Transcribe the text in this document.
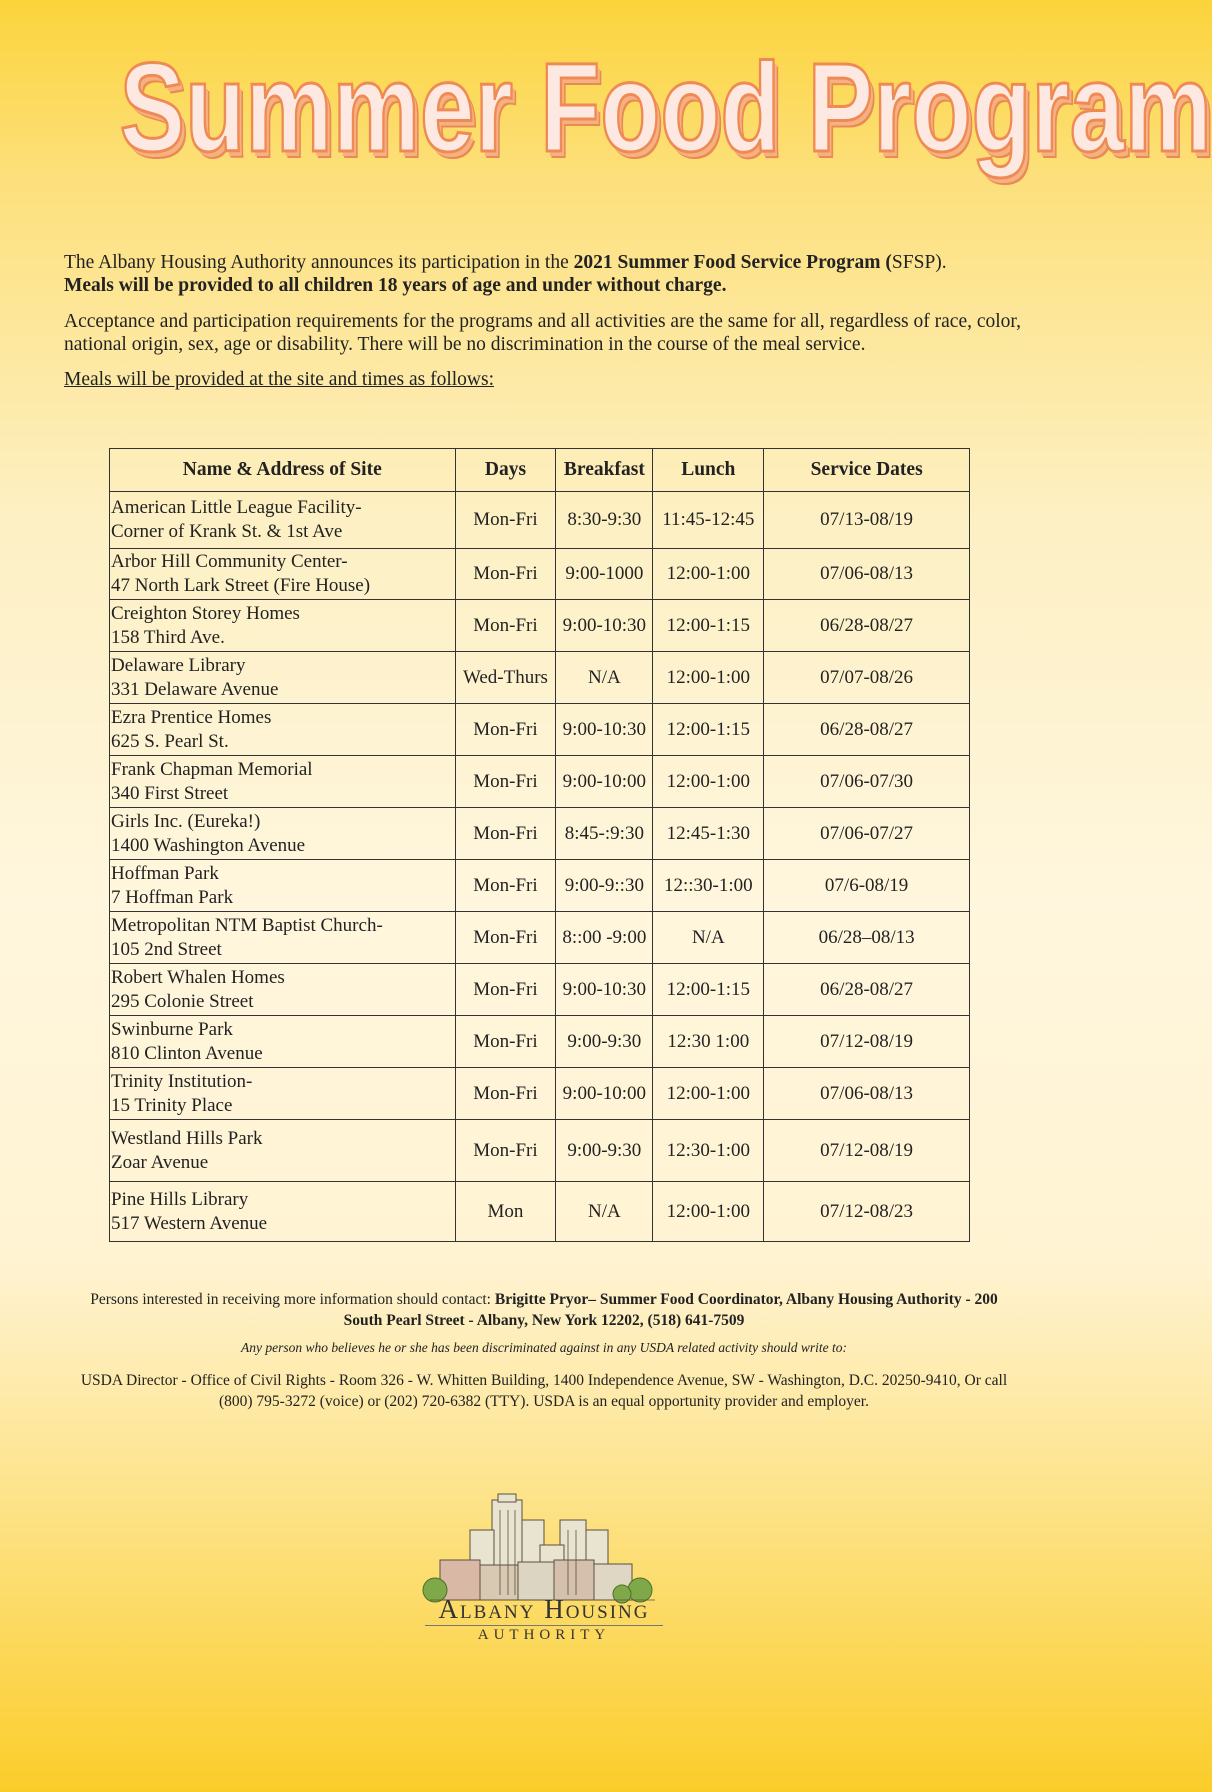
Summer Food Program
The Albany Housing Authority announces its participation in the 2021 Summer Food Service Program (SFSP).
Meals will be provided to all children 18 years of age and under without charge.
Acceptance and participation requirements for the programs and all activities are the same for all, regardless of race, color, national origin, sex, age or disability. There will be no discrimination in the course of the meal service.
Meals will be provided at the site and times as follows:
Name & Address of Site	Days	Breakfast	Lunch	Service Dates

American Little League Facility-
Corner of Krank St. & 1st Ave	Mon-Fri	8:30-9:30	11:45-12:45	07/13-08/19

Arbor Hill Community Center-
47 North Lark Street (Fire House)	Mon-Fri	9:00-1000	12:00-1:00	07/06-08/13

Creighton Storey Homes
158 Third Ave.	Mon-Fri	9:00-10:30	12:00-1:15	06/28-08/27

Delaware Library
331 Delaware Avenue	Wed-Thurs	N/A	12:00-1:00	07/07-08/26

Ezra Prentice Homes
625 S. Pearl St.	Mon-Fri	9:00-10:30	12:00-1:15	06/28-08/27

Frank Chapman Memorial
340 First Street	Mon-Fri	9:00-10:00	12:00-1:00	07/06-07/30

Girls Inc. (Eureka!)
1400 Washington Avenue	Mon-Fri	8:45-:9:30	12:45-1:30	07/06-07/27

Hoffman Park
7 Hoffman Park	Mon-Fri	9:00-9::30	12::30-1:00	07/6-08/19

Metropolitan NTM Baptist Church-
105 2nd Street	Mon-Fri	8::00 -9:00	N/A	06/28–08/13

Robert Whalen Homes
295 Colonie Street	Mon-Fri	9:00-10:30	12:00-1:15	06/28-08/27

Swinburne Park
810 Clinton Avenue	Mon-Fri	9:00-9:30	12:30 1:00	07/12-08/19

Trinity Institution-
15 Trinity Place	Mon-Fri	9:00-10:00	12:00-1:00	07/06-08/13

Westland Hills Park
Zoar Avenue	Mon-Fri	9:00-9:30	12:30-1:00	07/12-08/19

Pine Hills Library
517 Western Avenue	Mon	N/A	12:00-1:00	07/12-08/23
Persons interested in receiving more information should contact: Brigitte Pryor– Summer Food Coordinator, Albany Housing Authority - 200 South Pearl Street - Albany, New York 12202, (518) 641-7509
Any person who believes he or she has been discriminated against in any USDA related activity should write to:
USDA Director - Office of Civil Rights - Room 326 - W. Whitten Building, 1400 Independence Avenue, SW - Washington, D.C. 20250-9410, Or call (800) 795-3272 (voice) or (202) 720-6382 (TTY). USDA is an equal opportunity provider and employer.
Albany Housing
AUTHORITY
